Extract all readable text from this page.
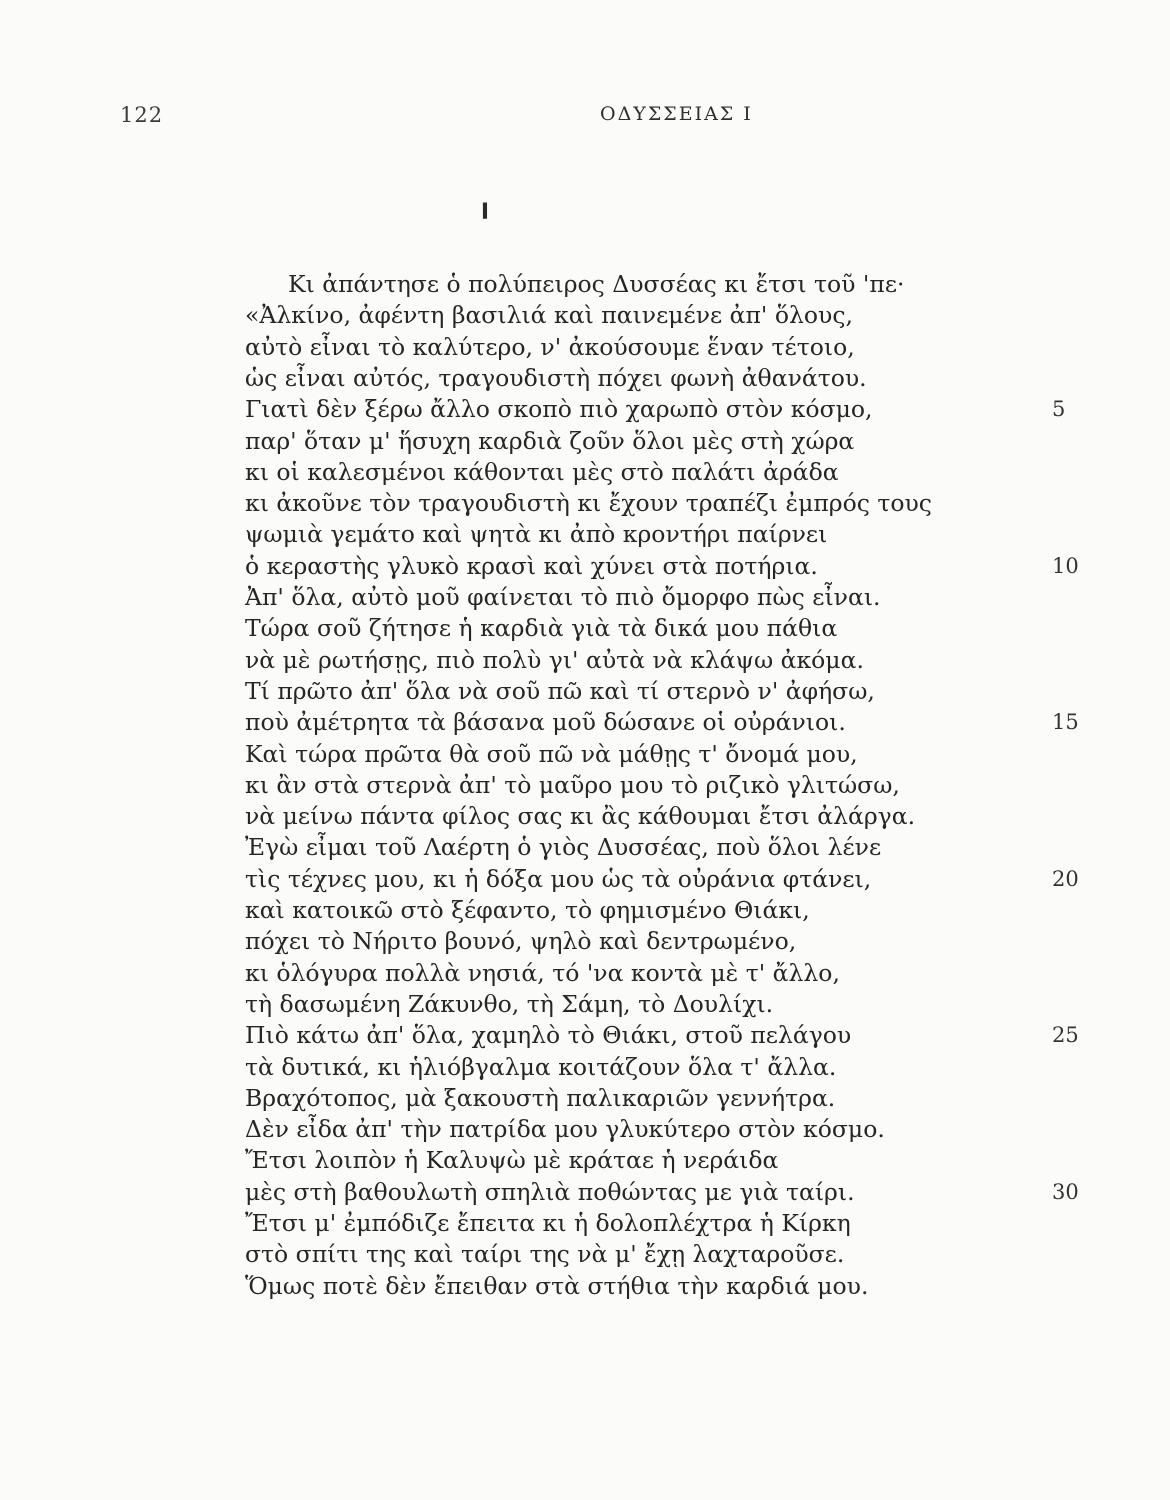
122	ΟΔΥΣΣΕΙΑΣ Ι
Ι
Κι ἀπάντησε ὁ πολύπειρος Δυσσέας κι ἔτσι τοῦ 'πε·
«Ἀλκίνο, ἀφέντη βασιλιά καὶ παινεμένε ἀπ' ὅλους,
αὐτὸ εἶναι τὸ καλύτερο, ν' ἀκούσουμε ἕναν τέτοιο,
ὡς εἶναι αὐτός, τραγουδιστὴ πόχει φωνὴ ἀθανάτου.
Γιατὶ δὲν ξέρω ἄλλο σκοπὸ πιὸ χαρωπὸ στὸν κόσμο,	5
παρ' ὅταν μ' ἥσυχη καρδιὰ ζοῦν ὅλοι μὲς στὴ χώρα
κι οἱ καλεσμένοι κάθονται μὲς στὸ παλάτι ἀράδα
κι ἀκοῦνε τὸν τραγουδιστὴ κι ἔχουν τραπέζι ἐμπρός τους
ψωμιὰ γεμάτο καὶ ψητὰ κι ἀπὸ κροντήρι παίρνει
ὁ κεραστὴς γλυκὸ κρασὶ καὶ χύνει στὰ ποτήρια.	10
Ἀπ' ὅλα, αὐτὸ μοῦ φαίνεται τὸ πιὸ ὄμορφο πὼς εἶναι.
Τώρα σοῦ ζήτησε ἡ καρδιὰ γιὰ τὰ δικά μου πάθια
νὰ μὲ ρωτήσῃς, πιὸ πολὺ γι' αὐτὰ νὰ κλάψω ἀκόμα.
Τί πρῶτο ἀπ' ὅλα νὰ σοῦ πῶ καὶ τί στερνὸ ν' ἀφήσω,
ποὺ ἀμέτρητα τὰ βάσανα μοῦ δώσανε οἱ οὐράνιοι.	15
Καὶ τώρα πρῶτα θὰ σοῦ πῶ νὰ μάθῃς τ' ὄνομά μου,
κι ἂν στὰ στερνὰ ἀπ' τὸ μαῦρο μου τὸ ριζικὸ γλιτώσω,
νὰ μείνω πάντα φίλος σας κι ἂς κάθουμαι ἔτσι ἀλάργα.
Ἐγὼ εἶμαι τοῦ Λαέρτη ὁ γιὸς Δυσσέας, ποὺ ὅλοι λένε
τὶς τέχνες μου, κι ἡ δόξα μου ὡς τὰ οὐράνια φτάνει,	20
καὶ κατοικῶ στὸ ξέφαντο, τὸ φημισμένο Θιάκι,
πόχει τὸ Νήριτο βουνό, ψηλὸ καὶ δεντρωμένο,
κι ὁλόγυρα πολλὰ νησιά, τό 'να κοντὰ μὲ τ' ἄλλο,
τὴ δασωμένη Ζάκυνθο, τὴ Σάμη, τὸ Δουλίχι.
Πιὸ κάτω ἀπ' ὅλα, χαμηλὸ τὸ Θιάκι, στοῦ πελάγου	25
τὰ δυτικά, κι ἡλιόβγαλμα κοιτάζουν ὅλα τ' ἄλλα.
Βραχότοπος, μὰ ξακουστὴ παλικαριῶν γεννήτρα.
Δὲν εἶδα ἀπ' τὴν πατρίδα μου γλυκύτερο στὸν κόσμο.
Ἔτσι λοιπὸν ἡ Καλυψὼ μὲ κράταε ἡ νεράιδα
μὲς στὴ βαθουλωτὴ σπηλιὰ ποθώντας με γιὰ ταίρι.	30
Ἔτσι μ' ἐμπόδιζε ἔπειτα κι ἡ δολοπλέχτρα ἡ Κίρκη
στὸ σπίτι της καὶ ταίρι της νὰ μ' ἔχῃ λαχταροῦσε.
Ὅμως ποτὲ δὲν ἔπειθαν στὰ στήθια τὴν καρδιά μου.
